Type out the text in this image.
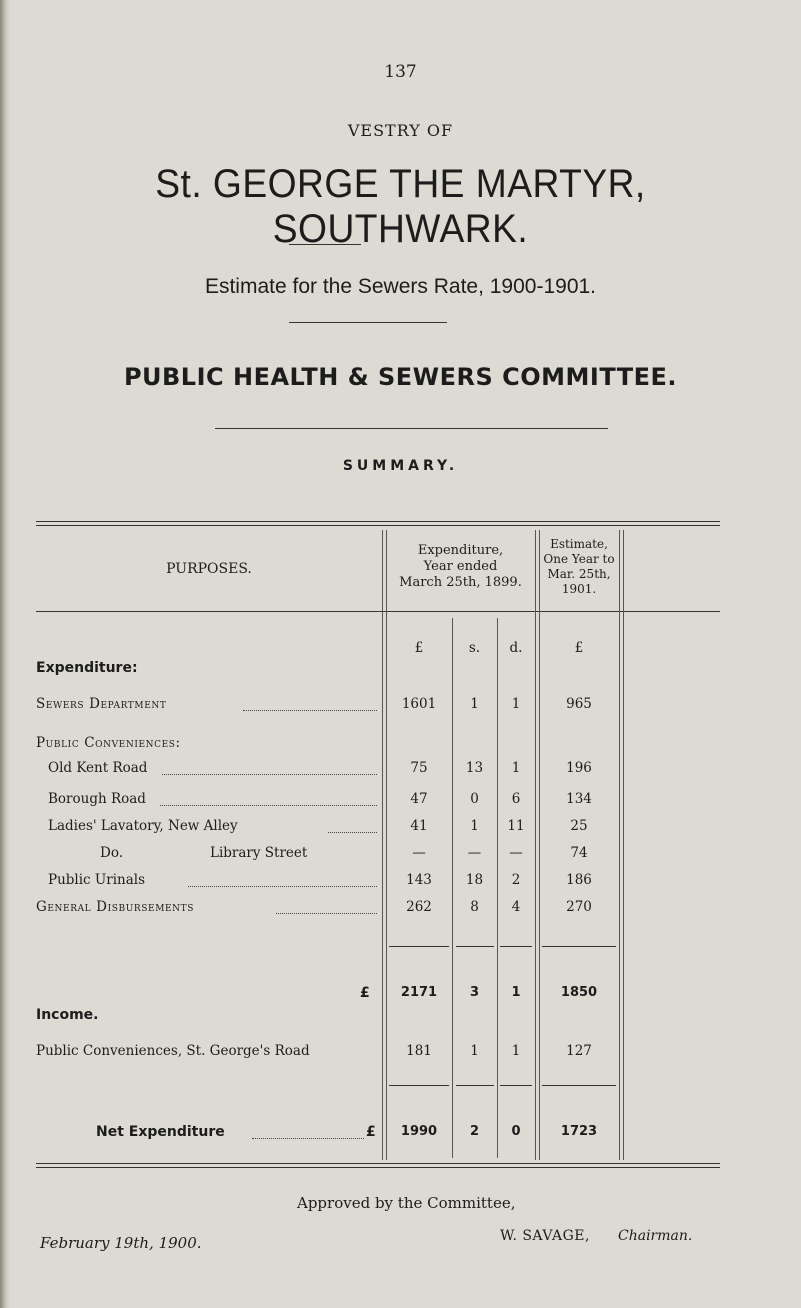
137
VESTRY OF
St. GEORGE THE MARTYR, SOUTHWARK.
Estimate for the Sewers Rate, 1900-1901.
PUBLIC HEALTH & SEWERS COMMITTEE.
SUMMARY.
PURPOSES.
Expenditure,
Year ended
March 25th, 1899.
Estimate,
One Year to
Mar. 25th,
1901.
£	s.	d.	£
Expenditure:
Sewers Department	1601	1	1	965
Public Conveniences:
Old Kent Road	75	13	1	196
Borough Road	47	0	6	134
Ladies' Lavatory, New Alley	41	1	11	25
Do.	Library Street	—	—	—	74
Public Urinals	143	18	2	186
General Disbursements	262	8	4	270
£	2171	3	1	1850
Income.
Public Conveniences, St. George's Road	181	1	1	127
Net Expenditure	£	1990	2	0	1723
Approved by the Committee,
February 19th, 1900.	W. SAVAGE, Chairman.
